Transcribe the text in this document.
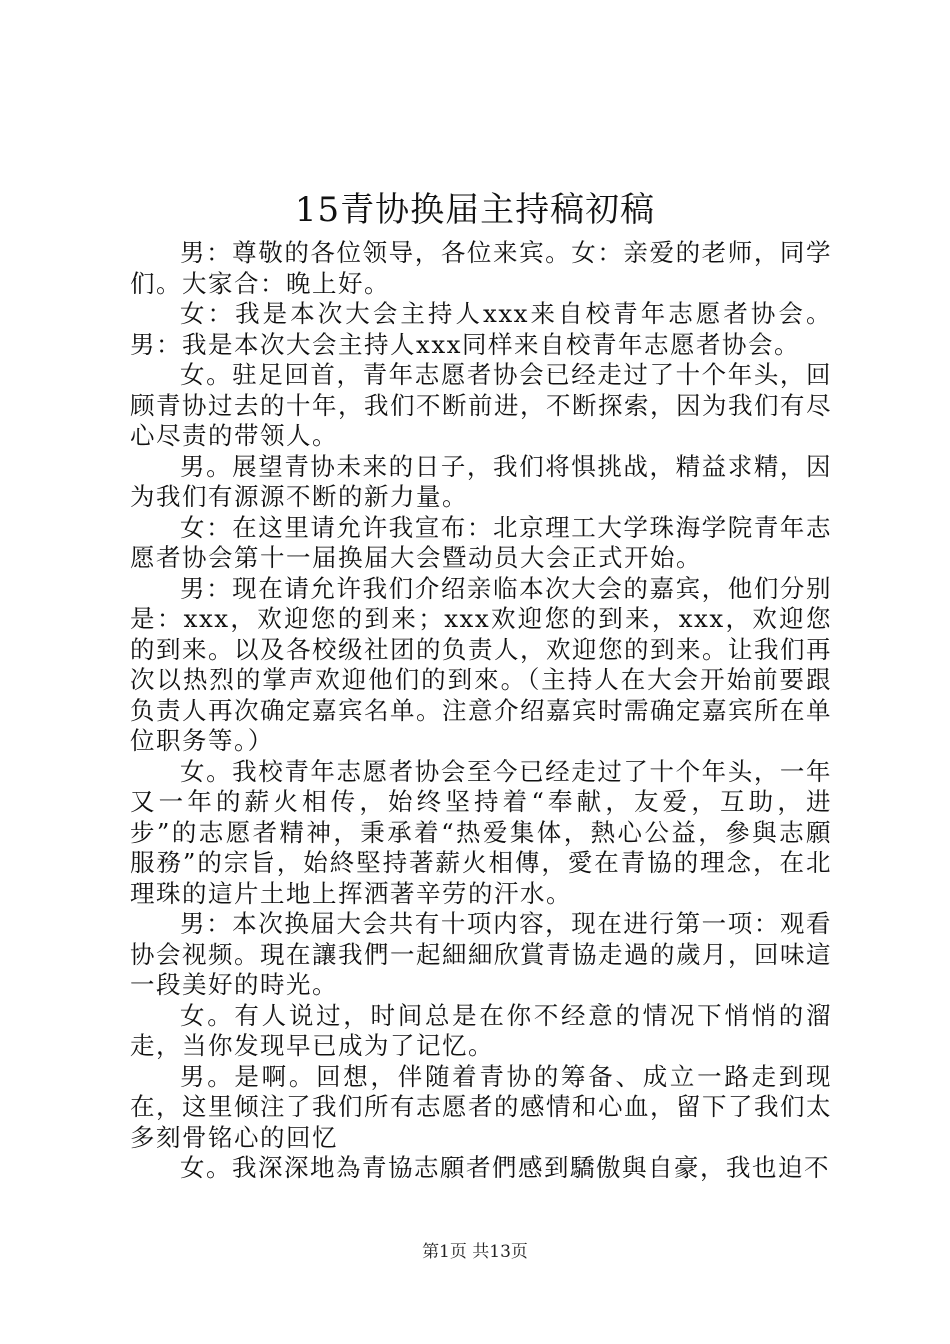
15青协换届主持稿初稿

男：尊敬的各位领导，各位来宾。女：亲爱的老师，同学们。大家合：晚上好。

女：我是本次大会主持人xxx来自校青年志愿者协会。男：我是本次大会主持人xxx同样来自校青年志愿者协会。

女。驻足回首，青年志愿者协会已经走过了十个年头，回顾青协过去的十年，我们不断前进，不断探索，因为我们有尽心尽责的带领人。

男。展望青协未来的日子，我们将惧挑战，精益求精，因为我们有源源不断的新力量。

女：在这里请允许我宣布：北京理工大学珠海学院青年志愿者协会第十一届换届大会暨动员大会正式开始。

男：现在请允许我们介绍亲临本次大会的嘉宾，他们分别是：xxx，欢迎您的到来；xxx欢迎您的到来，xxx，欢迎您的到来。以及各校级社团的负责人，欢迎您的到来。让我们再次以热烈的掌声欢迎他们的到來。（主持人在大会开始前要跟负责人再次确定嘉宾名单。注意介绍嘉宾时需确定嘉宾所在单位职务等。）

女。我校青年志愿者协会至今已经走过了十个年头，一年又一年的薪火相传，始终坚持着“奉献，友爱，互助，进步”的志愿者精神，秉承着“热爱集体，熱心公益，參與志願服務”的宗旨，始終堅持著薪火相傳，愛在青協的理念，在北理珠的這片土地上挥洒著辛劳的汗水。

男：本次换届大会共有十项内容，现在进行第一项：观看协会视频。現在讓我們一起細細欣賞青協走過的歲月，回味這一段美好的時光。

女。有人说过，时间总是在你不经意的情况下悄悄的溜走，当你发现早已成为了记忆。

男。是啊。回想，伴随着青协的筹备、成立一路走到现在，这里倾注了我们所有志愿者的感情和心血，留下了我们太多刻骨铭心的回忆

女。我深深地為青協志願者們感到驕傲與自豪，我也迫不

第1页 共13页
